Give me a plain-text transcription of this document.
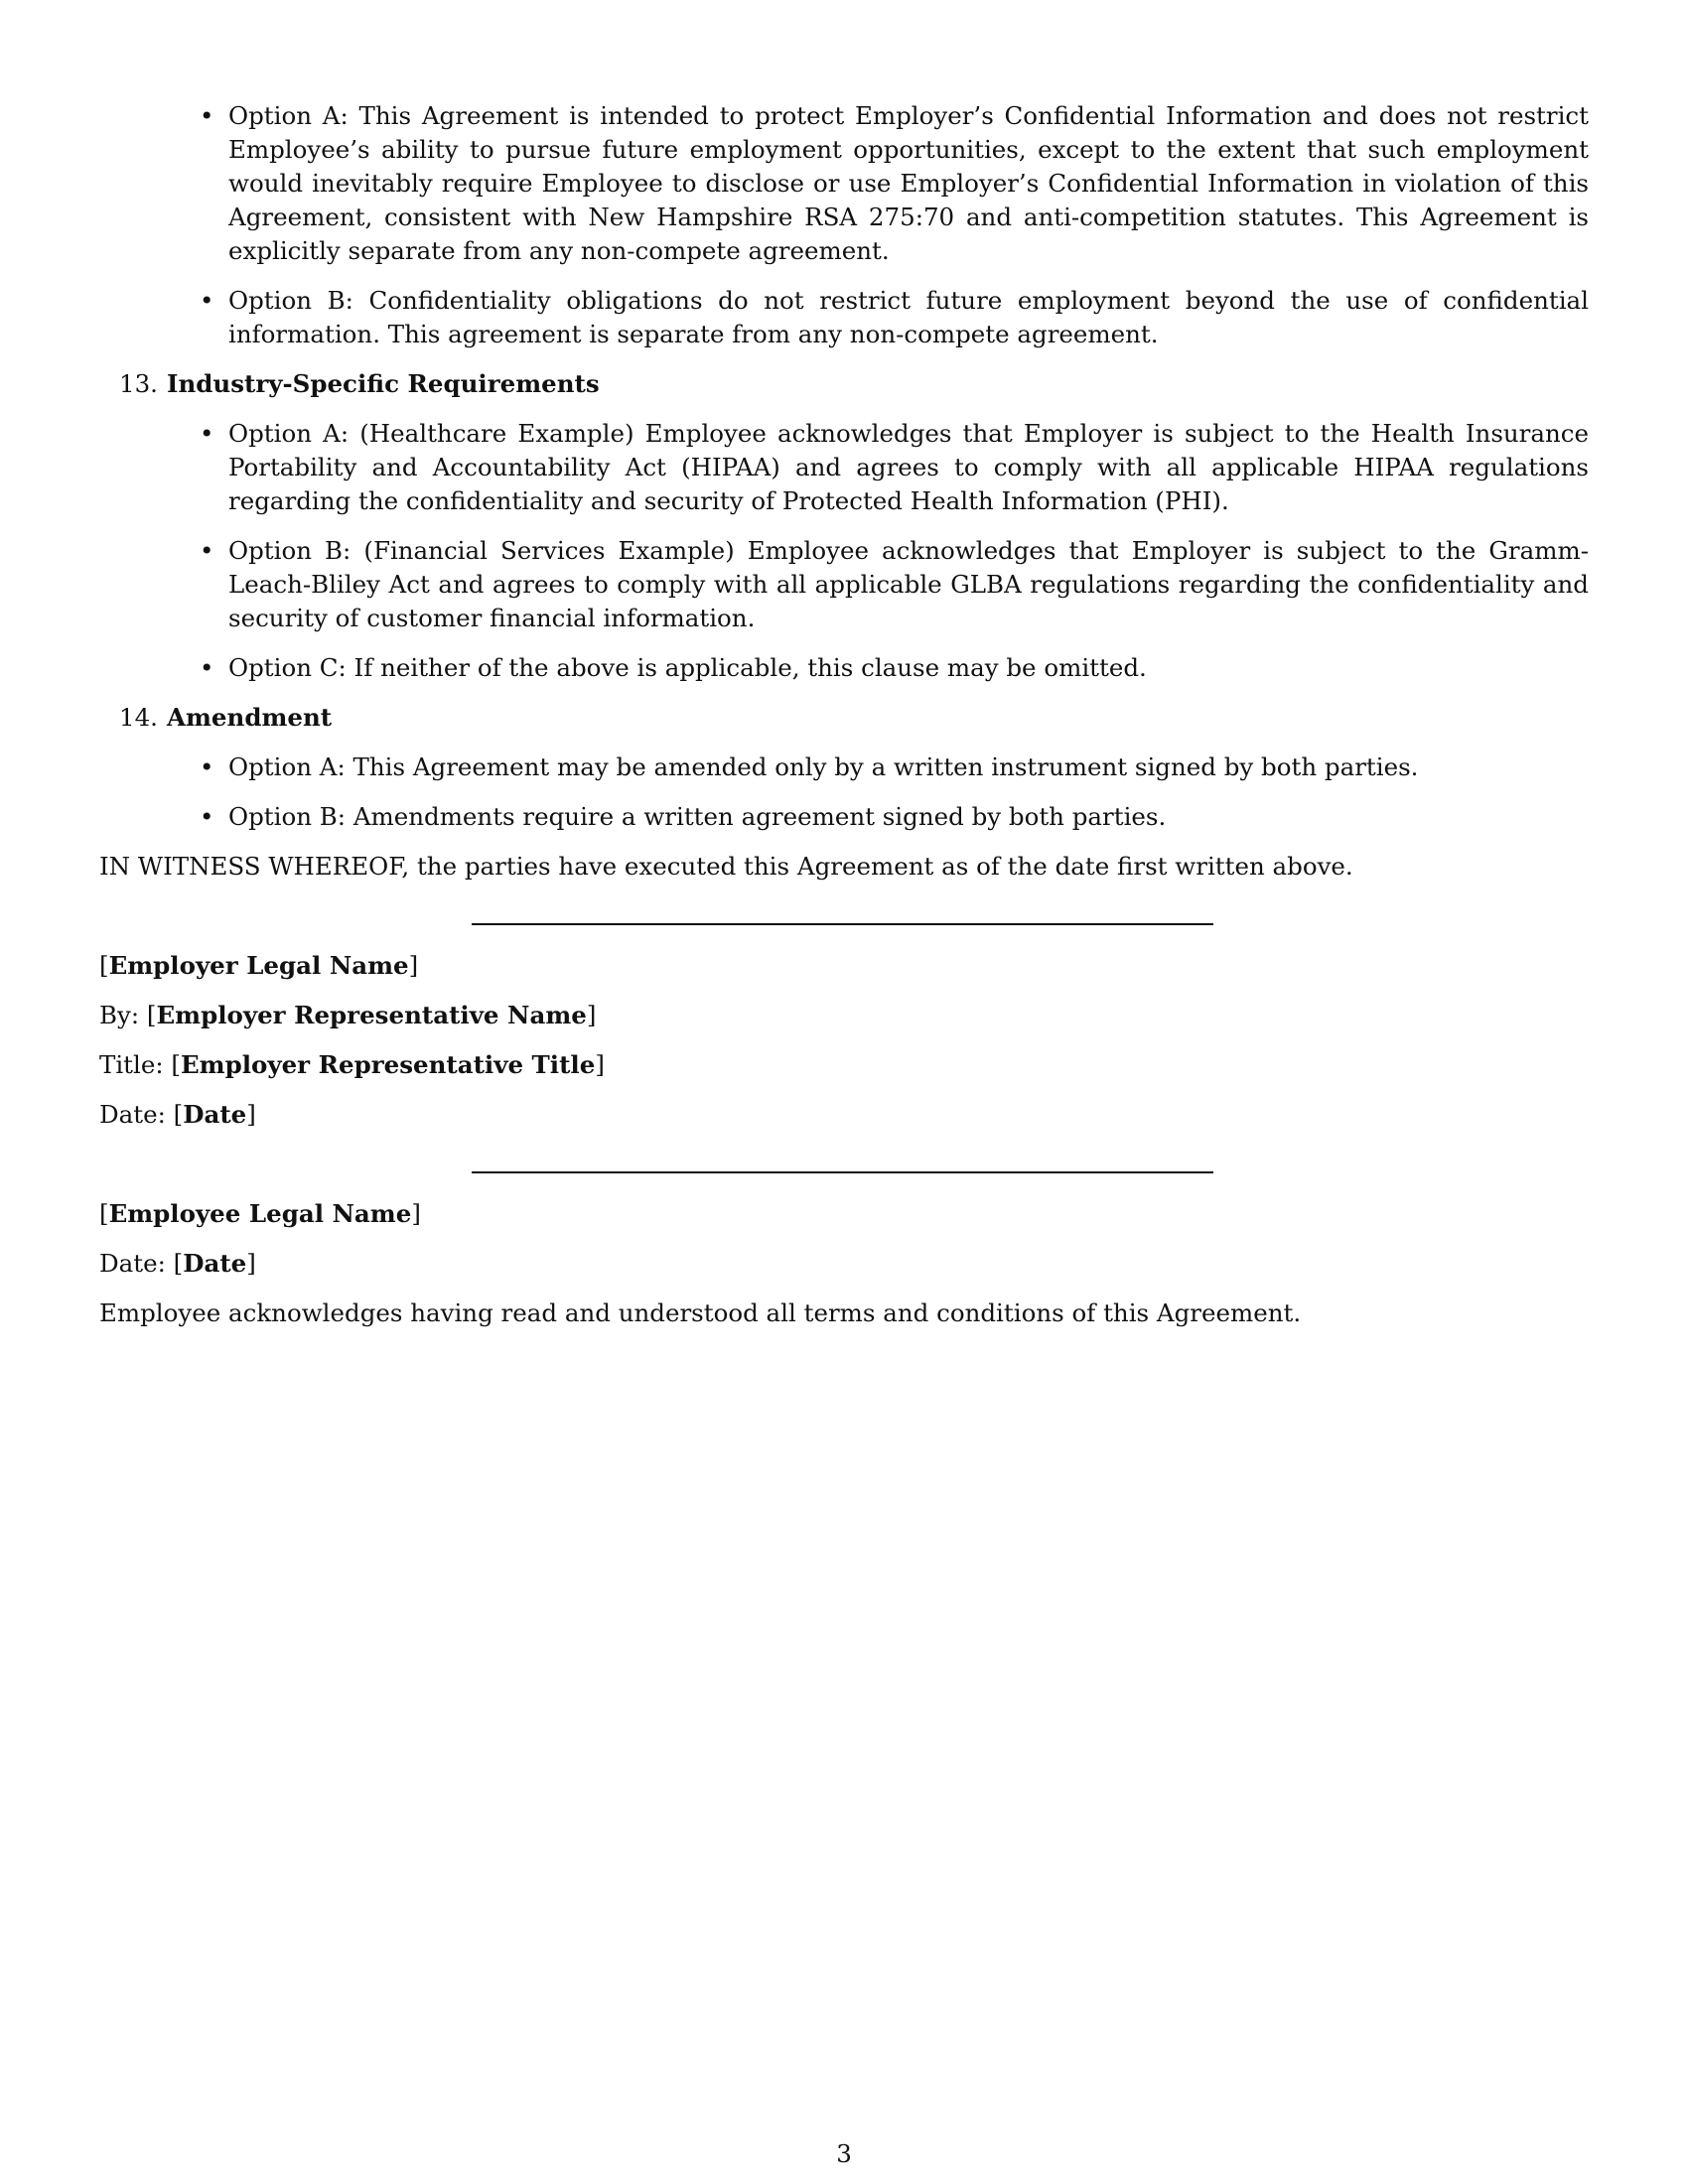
• Option A: This Agreement is intended to protect Employer’s Confidential Information and does not restrict Employee’s ability to pursue future employment opportunities, except to the extent that such employment would inevitably require Employee to disclose or use Employer’s Confidential Information in violation of this Agreement, consistent with New Hampshire RSA 275:70 and anti-competition statutes. This Agreement is explicitly separate from any non-compete agreement.
• Option B: Confidentiality obligations do not restrict future employment beyond the use of confidential information. This agreement is separate from any non-compete agreement.
13. Industry-Specific Requirements
• Option A: (Healthcare Example) Employee acknowledges that Employer is subject to the Health Insurance Portability and Accountability Act (HIPAA) and agrees to comply with all applicable HIPAA regulations regarding the confidentiality and security of Protected Health Information (PHI).
• Option B: (Financial Services Example) Employee acknowledges that Employer is subject to the Gramm-Leach-Bliley Act and agrees to comply with all applicable GLBA regulations regarding the confidentiality and security of customer financial information.
• Option C: If neither of the above is applicable, this clause may be omitted.
14. Amendment
• Option A: This Agreement may be amended only by a written instrument signed by both parties.
• Option B: Amendments require a written agreement signed by both parties.

IN WITNESS WHEREOF, the parties have executed this Agreement as of the date first written above.

[Employer Legal Name]
By: [Employer Representative Name]
Title: [Employer Representative Title]
Date: [Date]
[Employee Legal Name]
Date: [Date]

Employee acknowledges having read and understood all terms and conditions of this Agreement.

3
